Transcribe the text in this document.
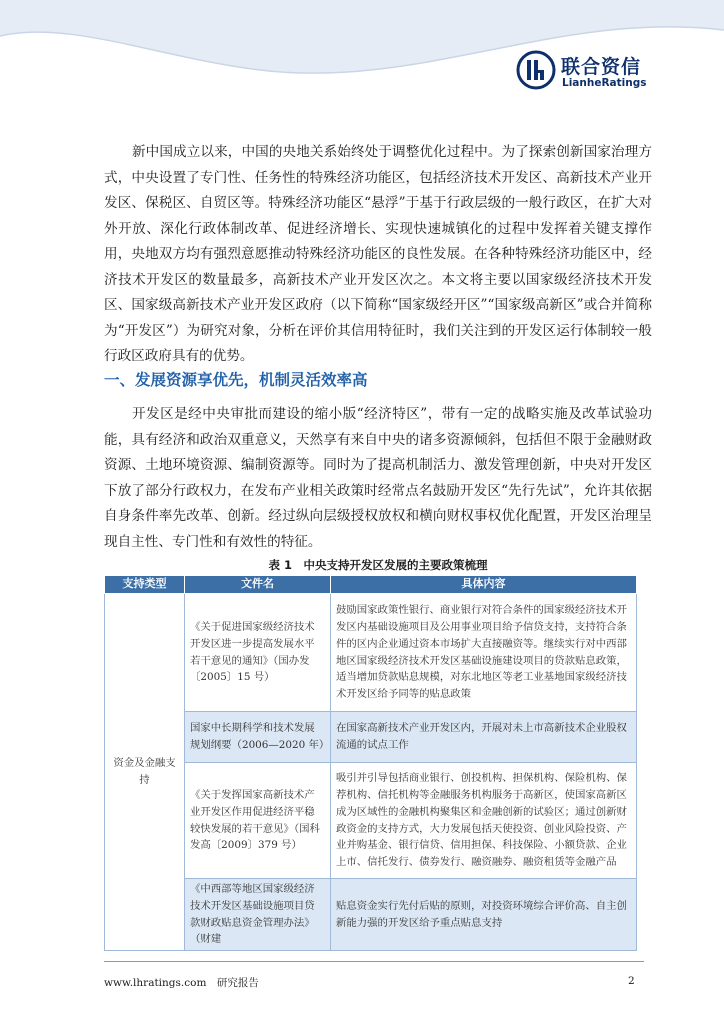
联合资信
LianheRatings

新中国成立以来，中国的央地关系始终处于调整优化过程中。为了探索创新国家治理方式，中央设置了专门性、任务性的特殊经济功能区，包括经济技术开发区、高新技术产业开发区、保税区、自贸区等。特殊经济功能区“悬浮”于基于行政层级的一般行政区，在扩大对外开放、深化行政体制改革、促进经济增长、实现快速城镇化的过程中发挥着关键支撑作用，央地双方均有强烈意愿推动特殊经济功能区的良性发展。在各种特殊经济功能区中，经济技术开发区的数量最多，高新技术产业开发区次之。本文将主要以国家级经济技术开发区、国家级高新技术产业开发区政府（以下简称“国家级经开区”“国家级高新区”或合并简称为“开发区”）为研究对象，分析在评价其信用特征时，我们关注到的开发区运行体制较一般行政区政府具有的优势。

一、发展资源享优先，机制灵活效率高

开发区是经中央审批而建设的缩小版“经济特区”，带有一定的战略实施及改革试验功能，具有经济和政治双重意义，天然享有来自中央的诸多资源倾斜，包括但不限于金融财政资源、土地环境资源、编制资源等。同时为了提高机制活力、激发管理创新，中央对开发区下放了部分行政权力，在发布产业相关政策时经常点名鼓励开发区“先行先试”，允许其依据自身条件率先改革、创新。经过纵向层级授权放权和横向财权事权优化配置，开发区治理呈现自主性、专门性和有效性的特征。

表 1　中央支持开发区发展的主要政策梳理

支持类型	文件名	具体内容
资金及金融支持	《关于促进国家级经济技术开发区进一步提高发展水平若干意见的通知》（国办发〔2005〕15 号）	鼓励国家政策性银行、商业银行对符合条件的国家级经济技术开发区内基础设施项目及公用事业项目给予信贷支持，支持符合条件的区内企业通过资本市场扩大直接融资等。继续实行对中西部地区国家级经济技术开发区基础设施建设项目的贷款贴息政策，适当增加贷款贴息规模，对东北地区等老工业基地国家级经济技术开发区给予同等的贴息政策
	国家中长期科学和技术发展规划纲要（2006—2020 年）	在国家高新技术产业开发区内，开展对未上市高新技术企业股权流通的试点工作
	《关于发挥国家高新技术产业开发区作用促进经济平稳较快发展的若干意见》（国科发高〔2009〕379 号）	吸引并引导包括商业银行、创投机构、担保机构、保险机构、保荐机构、信托机构等金融服务机构服务于高新区，使国家高新区成为区域性的金融机构聚集区和金融创新的试验区；通过创新财政资金的支持方式，大力发展包括天使投资、创业风险投资、产业并购基金、银行信贷、信用担保、科技保险、小额贷款、企业上市、信托发行、债券发行、融资融券、融资租赁等金融产品
	《中西部等地区国家级经济技术开发区基础设施项目贷款财政贴息资金管理办法》（财建	贴息资金实行先付后贴的原则，对投资环境综合评价高、自主创新能力强的开发区给予重点贴息支持
www.lhratings.com　研究报告	2
